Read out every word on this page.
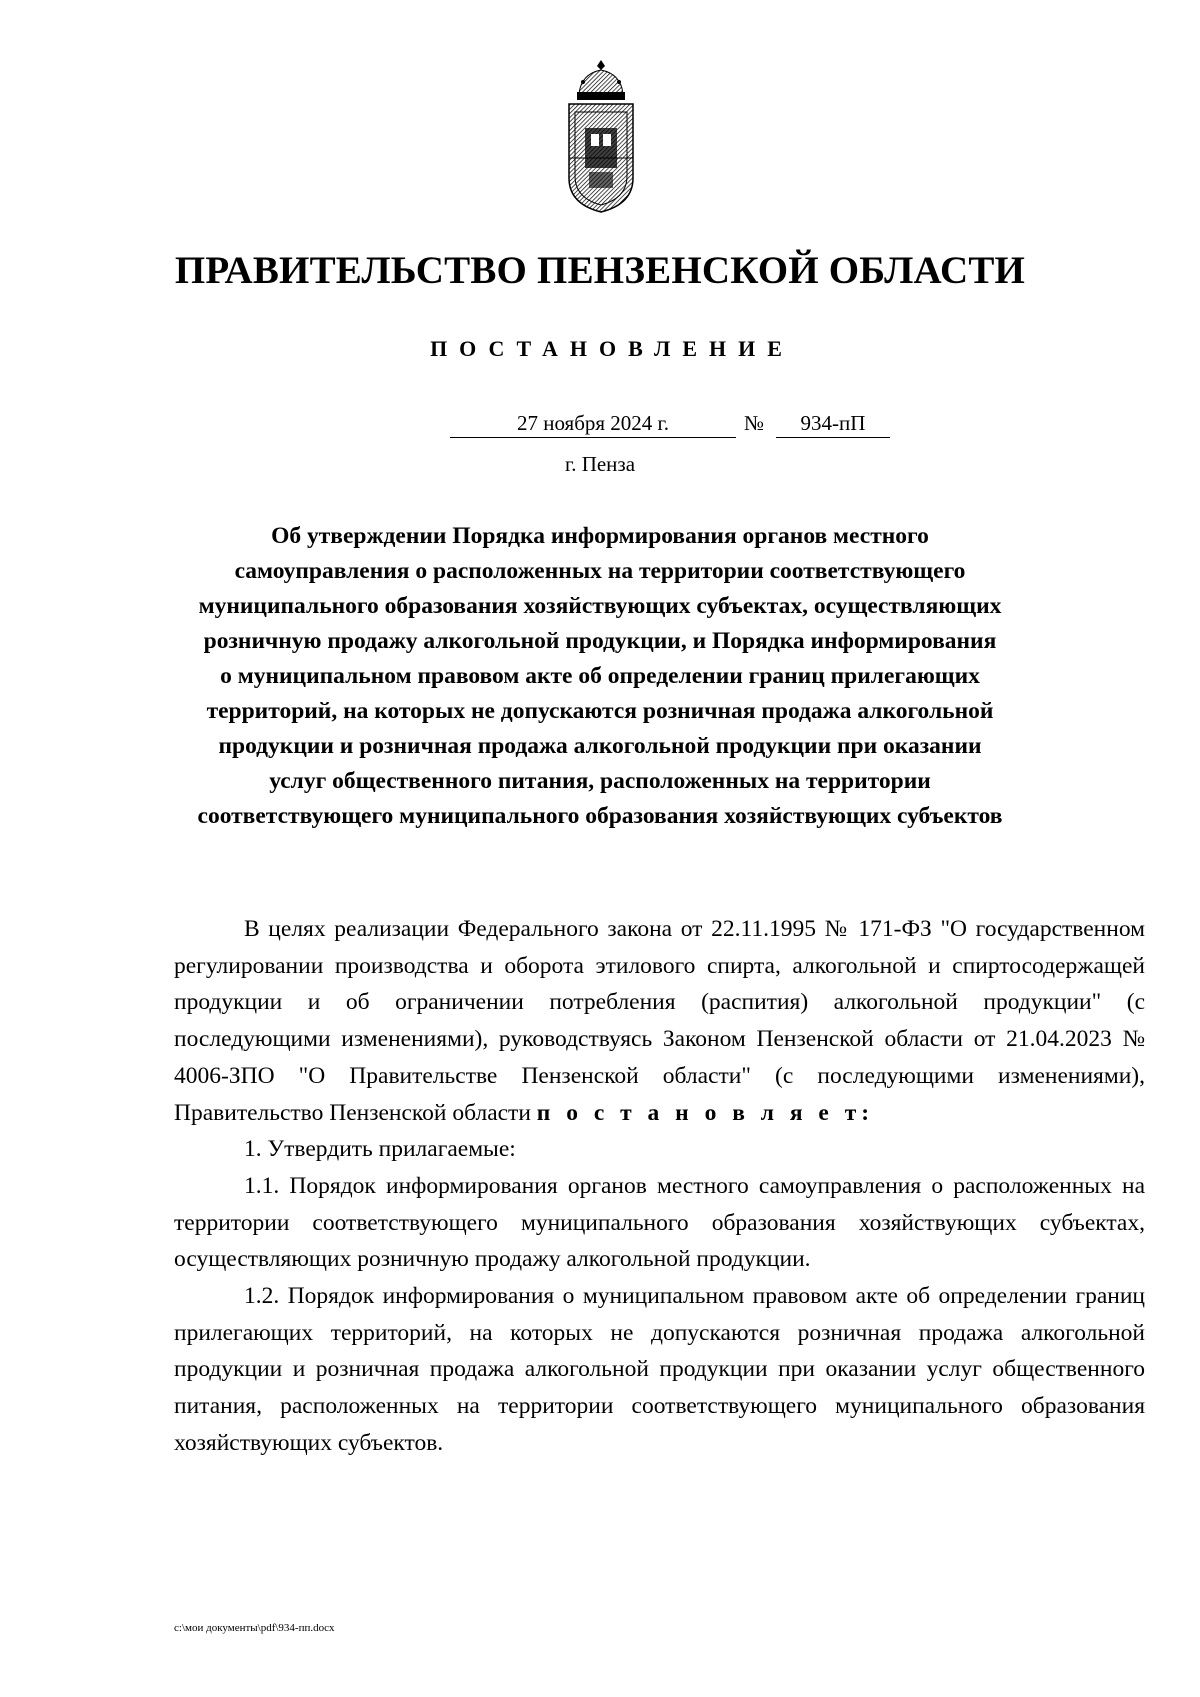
ПРАВИТЕЛЬСТВО ПЕНЗЕНСКОЙ ОБЛАСТИ
ПОСТАНОВЛЕНИЕ
27 ноября 2024 г.	№	934-пП
г. Пенза
Об утверждении Порядка информирования органов местного
самоуправления о расположенных на территории соответствующего
муниципального образования хозяйствующих субъектах, осуществляющих
розничную продажу алкогольной продукции, и Порядка информирования
о муниципальном правовом акте об определении границ прилегающих
территорий, на которых не допускаются розничная продажа алкогольной
продукции и розничная продажа алкогольной продукции при оказании
услуг общественного питания, расположенных на территории
соответствующего муниципального образования хозяйствующих субъектов

В целях реализации Федерального закона от 22.11.1995 № 171-ФЗ "О государственном регулировании производства и оборота этилового спирта, алкогольной и спиртосодержащей продукции и об ограничении потребления (распития) алкогольной продукции" (с последующими изменениями), руководствуясь Законом Пензенской области от 21.04.2023 № 4006-ЗПО "О Правительстве Пензенской области" (с последующими изменениями), Правительство Пензенской области п о с т а н о в л я е т:

1. Утвердить прилагаемые:

1.1. Порядок информирования органов местного самоуправления о расположенных на территории соответствующего муниципального образования хозяйствующих субъектах, осуществляющих розничную продажу алкогольной продукции.

1.2. Порядок информирования о муниципальном правовом акте об определении границ прилегающих территорий, на которых не допускаются розничная продажа алкогольной продукции и розничная продажа алкогольной продукции при оказании услуг общественного питания, расположенных на территории соответствующего муниципального образования хозяйствующих субъектов.

c:\мои документы\pdf\934-пп.docx
